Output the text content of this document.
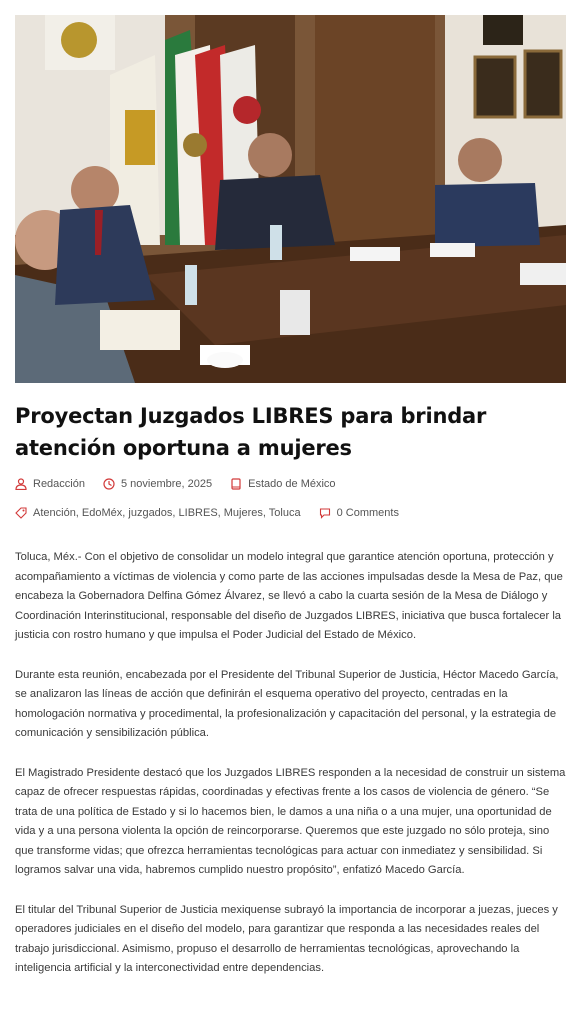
Proyectan Juzgados LIBRES para brindar atención oportuna a mujeres
Redacción	5 noviembre, 2025	Estado de México
Atención, EdoMéx, juzgados, LIBRES, Mujeres, Toluca	0 Comments

Toluca, Méx.- Con el objetivo de consolidar un modelo integral que garantice atención oportuna, protección y acompañamiento a víctimas de violencia y como parte de las acciones impulsadas desde la Mesa de Paz, que encabeza la Gobernadora Delfina Gómez Álvarez, se llevó a cabo la cuarta sesión de la Mesa de Diálogo y Coordinación Interinstitucional, responsable del diseño de Juzgados LIBRES, iniciativa que busca fortalecer la justicia con rostro humano y que impulsa el Poder Judicial del Estado de México.

Durante esta reunión, encabezada por el Presidente del Tribunal Superior de Justicia, Héctor Macedo García, se analizaron las líneas de acción que definirán el esquema operativo del proyecto, centradas en la homologación normativa y procedimental, la profesionalización y capacitación del personal, y la estrategia de comunicación y sensibilización pública.

El Magistrado Presidente destacó que los Juzgados LIBRES responden a la necesidad de construir un sistema capaz de ofrecer respuestas rápidas, coordinadas y efectivas frente a los casos de violencia de género. “Se trata de una política de Estado y si lo hacemos bien, le damos a una niña o a una mujer, una oportunidad de vida y a una persona violenta la opción de reincorporarse. Queremos que este juzgado no sólo proteja, sino que transforme vidas; que ofrezca herramientas tecnológicas para actuar con inmediatez y sensibilidad. Si logramos salvar una vida, habremos cumplido nuestro propósito”, enfatizó Macedo García.

El titular del Tribunal Superior de Justicia mexiquense subrayó la importancia de incorporar a juezas, jueces y operadores judiciales en el diseño del modelo, para garantizar que responda a las necesidades reales del trabajo jurisdiccional. Asimismo, propuso el desarrollo de herramientas tecnológicas, aprovechando la inteligencia artificial y la interconectividad entre dependencias.
